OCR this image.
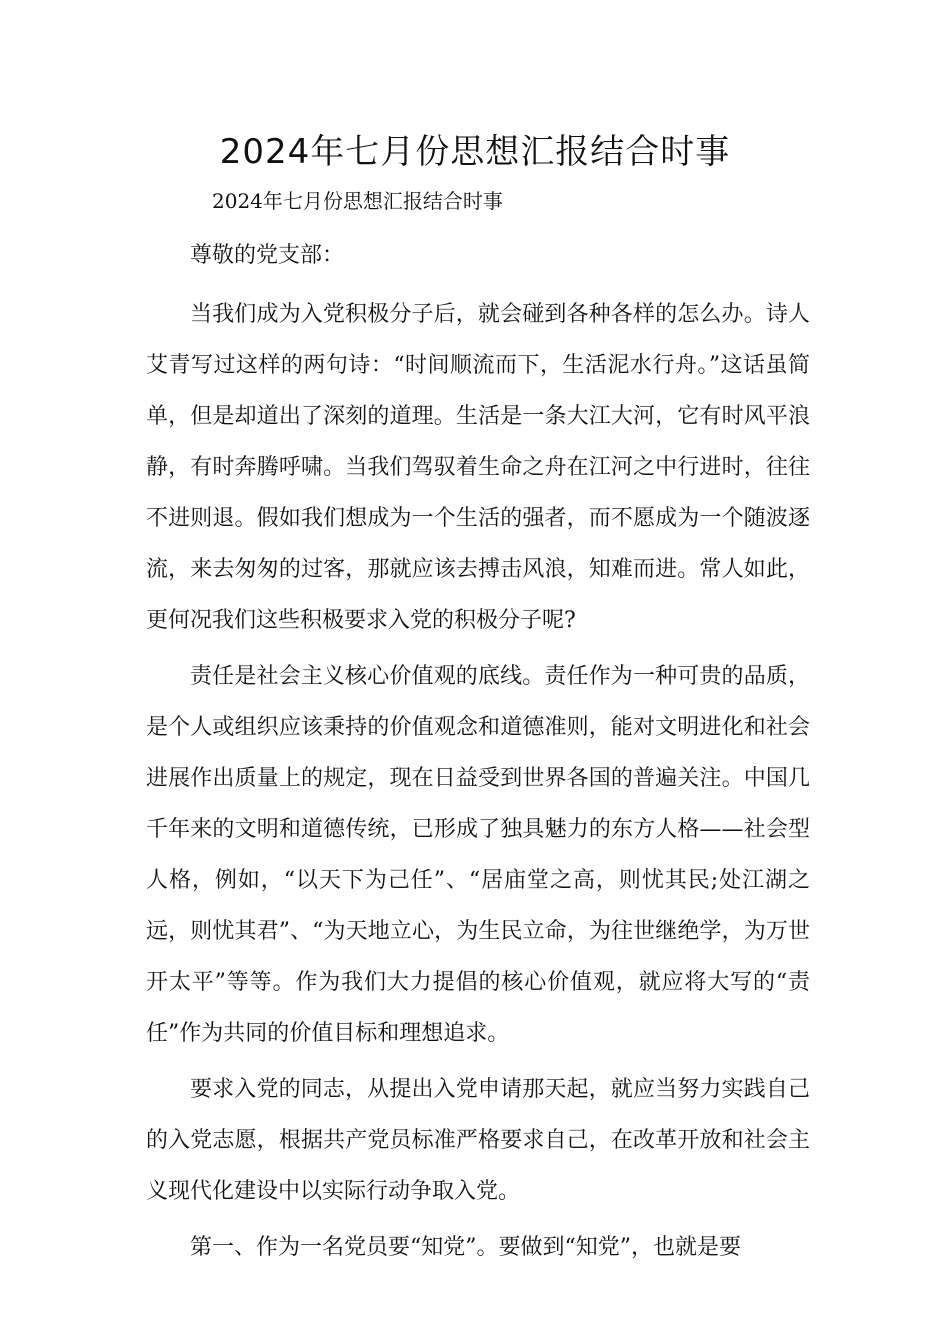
2024年七月份思想汇报结合时事

2024年七月份思想汇报结合时事

尊敬的党支部：

当我们成为入党积极分子后，就会碰到各种各样的怎么办。诗人艾青写过这样的两句诗：“时间顺流而下，生活泥水行舟。”这话虽简单，但是却道出了深刻的道理。生活是一条大江大河，它有时风平浪静，有时奔腾呼啸。当我们驾驭着生命之舟在江河之中行进时，往往不进则退。假如我们想成为一个生活的强者，而不愿成为一个随波逐流，来去匆匆的过客，那就应该去搏击风浪，知难而进。常人如此，更何况我们这些积极要求入党的积极分子呢?

责任是社会主义核心价值观的底线。责任作为一种可贵的品质，是个人或组织应该秉持的价值观念和道德准则，能对文明进化和社会进展作出质量上的规定，现在日益受到世界各国的普遍关注。中国几千年来的文明和道德传统，已形成了独具魅力的东方人格——社会型人格，例如，“以天下为己任”、“居庙堂之高，则忧其民;处江湖之远，则忧其君”、“为天地立心，为生民立命，为往世继绝学，为万世开太平”等等。作为我们大力提倡的核心价值观，就应将大写的“责任”作为共同的价值目标和理想追求。

要求入党的同志，从提出入党申请那天起，就应当努力实践自己的入党志愿，根据共产党员标准严格要求自己，在改革开放和社会主义现代化建设中以实际行动争取入党。

第一、作为一名党员要“知党”。要做到“知党”，也就是要
